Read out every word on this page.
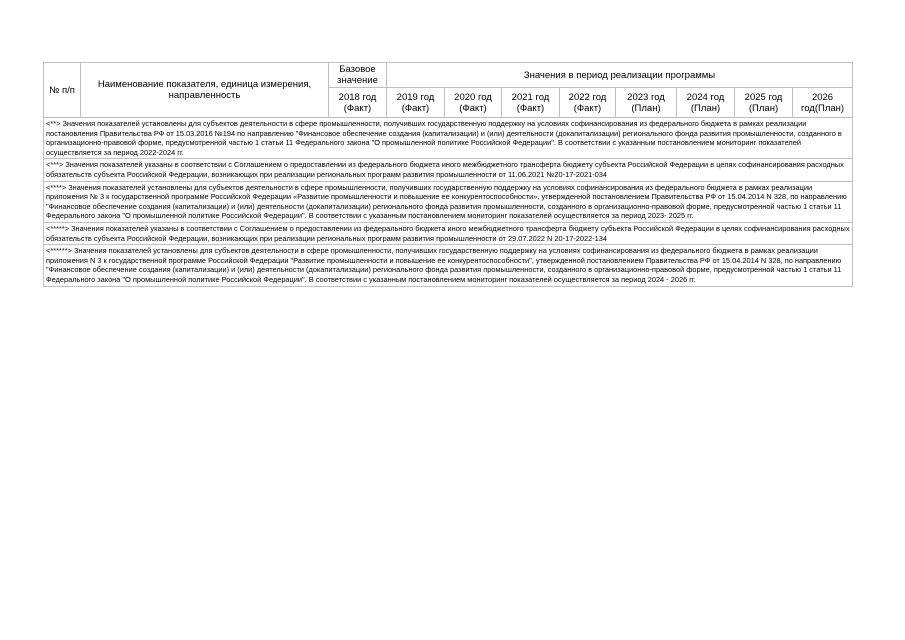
№ п/п	Наименование показателя, единица измерения, направленность	Базовое значение	Значения в период реализации программы							
		2018 год (Факт)	2019 год (Факт)	2020 год (Факт)	2021 год (Факт)	2022 год (Факт)	2023 год (План)	2024 год (План)	2025 год (План)	2026 год(План)
<**> Значения показателей установлены для субъектов деятельности в сфере промышленности, получивших государственную поддержку на условиях софинансирования из федерального бюджета в рамках реализации постановления Правительства РФ от 15.03.2016 №194 по направлению "Финансовое обеспечение создания (капитализации) и (или) деятельности (докапитализации) регионального фонда развития промышленности, созданного в организационно-правовой форме, предусмотренной частью 1 статьи 11 Федерального закона "О промышленной политике Российской Федерации". В соответствии с указанным постановлением мониторинг показателей осуществляется за период 2022-2024 гг.										
<***> Значения показателей указаны в соответствии с Соглашением о предоставлении из федерального бюджета иного межбюджетного трансферта бюджету субъекта Российской Федерации в целях софинансирования расходных обязательств субъекта Российской Федерации, возникающих при реализации региональных программ развития промышленности от 11.06.2021 №20-17-2021-034										
<****> Значения показателей установлены для субъектов деятельности в сфере промышленности, получивших государственную поддержку на условиях софинансирования из федерального бюджета в рамках реализации приложения № 3 к государственной программе Российской Федерации «Развитие промышленности и повышение ее конкурентоспособности», утвержденной постановлением Правительства РФ от 15.04.2014 N 328, по направлению "Финансовое обеспечение создания (капитализации) и (или) деятельности (докапитализации) регионального фонда развития промышленности, созданного в организационно-правовой форме, предусмотренной частью 1 статьи 11 Федерального закона "О промышленной политике Российской Федерации". В соответствии с указанным постановлением мониторинг показателей осуществляется за период 2023- 2025 гг.										
<*****> Значения показателей указаны в соответствии с Соглашением о предоставлении из федерального бюджета иного межбюджетного трансферта бюджету субъекта Российской Федерации в целях софинансирования расходных обязательств субъекта Российской Федерации, возникающих при реализации региональных программ развития промышленности от 29.07.2022 N 20-17-2022-134										
<******> Значения показателей установлены для субъектов деятельности в сфере промышленности, получивших государственную поддержку на условиях софинансирования из федерального бюджета в рамках реализации приложения N 3 к государственной программе Российской Федерации "Развитие промышленности и повышение ее конкурентоспособности", утвержденной постановлением Правительства РФ от 15.04.2014 N 328, по направлению "Финансовое обеспечение создания (капитализации) и (или) деятельности (докапитализации) регионального фонда развития промышленности, созданного в организационно-правовой форме, предусмотренной частью 1 статьи 11 Федерального закона "О промышленной политике Российской Федерации". В соответствии с указанным постановлением мониторинг показателей осуществляется за период 2024 - 2026 гг.										
